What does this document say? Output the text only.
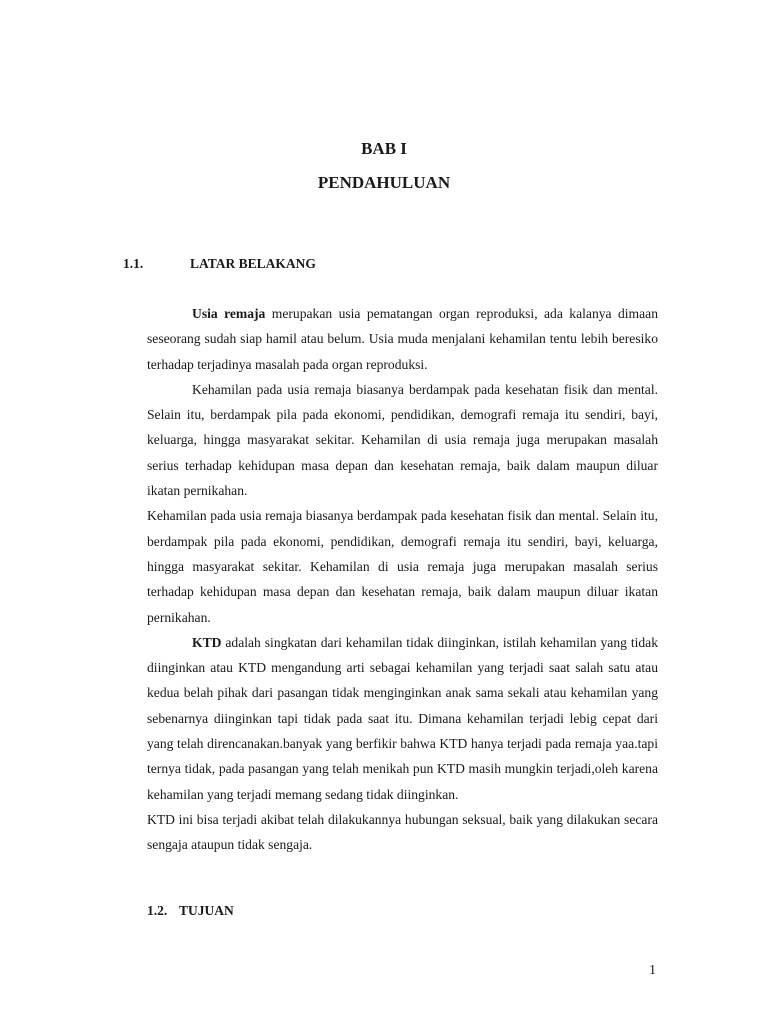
BAB I
PENDAHULUAN
1.1.	LATAR BELAKANG

Usia remaja merupakan usia pematangan organ reproduksi, ada kalanya dimaan seseorang sudah siap hamil atau belum. Usia muda menjalani kehamilan tentu lebih beresiko terhadap terjadinya masalah pada organ reproduksi.

Kehamilan pada usia remaja biasanya berdampak pada kesehatan fisik dan mental. Selain itu, berdampak pila pada ekonomi, pendidikan, demografi remaja itu sendiri, bayi, keluarga, hingga masyarakat sekitar. Kehamilan di usia remaja juga merupakan masalah serius terhadap kehidupan masa depan dan kesehatan remaja, baik dalam maupun diluar ikatan pernikahan.

Kehamilan pada usia remaja biasanya berdampak pada kesehatan fisik dan mental. Selain itu, berdampak pila pada ekonomi, pendidikan, demografi remaja itu sendiri, bayi, keluarga, hingga masyarakat sekitar. Kehamilan di usia remaja juga merupakan masalah serius terhadap kehidupan masa depan dan kesehatan remaja, baik dalam maupun diluar ikatan pernikahan.

KTD adalah singkatan dari kehamilan tidak diinginkan, istilah kehamilan yang tidak diinginkan atau KTD mengandung arti sebagai kehamilan yang terjadi saat salah satu atau kedua belah pihak dari pasangan tidak menginginkan anak sama sekali atau kehamilan yang sebenarnya diinginkan tapi tidak pada saat itu. Dimana kehamilan terjadi lebig cepat dari yang telah direncanakan.banyak yang berfikir bahwa KTD hanya terjadi pada remaja yaa.tapi ternya tidak, pada pasangan yang telah menikah pun KTD masih mungkin terjadi,oleh karena kehamilan yang terjadi memang sedang tidak diinginkan.

KTD ini bisa terjadi akibat telah dilakukannya hubungan seksual, baik yang dilakukan secara sengaja ataupun tidak sengaja.

1.2. TUJUAN
1
